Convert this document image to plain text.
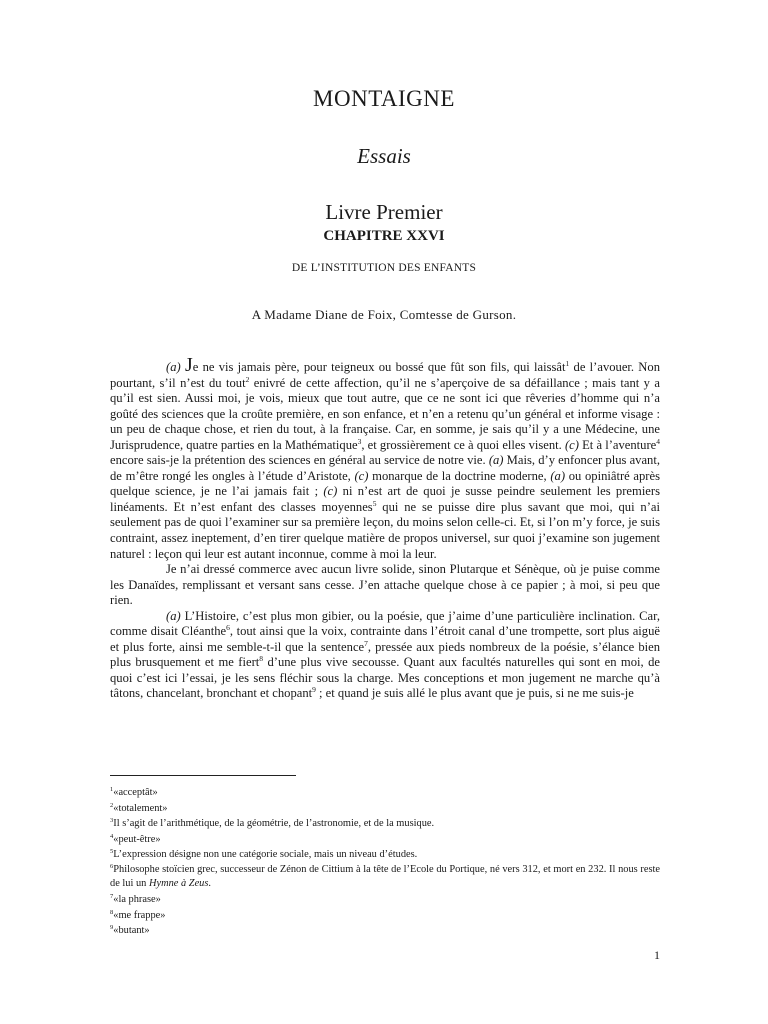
MONTAIGNE
Essais
Livre Premier
CHAPITRE XXVI
DE L’INSTITUTION DES ENFANTS
A Madame Diane de Foix, Comtesse de Gurson.

(a) Je ne vis jamais père, pour teigneux ou bossé que fût son fils, qui laissât$^1$ de l’avouer. Non pourtant, s’il n’est du tout$^2$ enivré de cette affection, qu’il ne s’aperçoive de sa défaillance ; mais tant y a qu’il est sien. Aussi moi, je vois, mieux que tout autre, que ce ne sont ici que rêveries d’homme qui n’a goûté des sciences que la croûte première, en son enfance, et n’en a retenu qu’un général et informe visage : un peu de chaque chose, et rien du tout, à la française. Car, en somme, je sais qu’il y a une Médecine, une Jurisprudence, quatre parties en la Mathématique$^3$, et grossièrement ce à quoi elles visent. (c) Et à l’aventure$^4$ encore sais-je la prétention des sciences en général au service de notre vie. (a) Mais, d’y enfoncer plus avant, de m’être rongé les ongles à l’étude d’Aristote, (c) monarque de la doctrine moderne, (a) ou opiniâtré après quelque science, je ne l’ai jamais fait ; (c) ni n’est art de quoi je susse peindre seulement les premiers linéaments. Et n’est enfant des classes moyennes$^5$ qui ne se puisse dire plus savant que moi, qui n’ai seulement pas de quoi l’examiner sur sa première leçon, du moins selon celle-ci. Et, si l’on m’y force, je suis contraint, assez ineptement, d’en tirer quelque matière de propos universel, sur quoi j’examine son jugement naturel : leçon qui leur est autant inconnue, comme à moi la leur.

Je n’ai dressé commerce avec aucun livre solide, sinon Plutarque et Sénèque, où je puise comme les Danaïdes, remplissant et versant sans cesse. J’en attache quelque chose à ce papier ; à moi, si peu que rien.

(a) L’Histoire, c’est plus mon gibier, ou la poésie, que j’aime d’une particulière inclination. Car, comme disait Cléanthe$^6$, tout ainsi que la voix, contrainte dans l’étroit canal d’une trompette, sort plus aiguë et plus forte, ainsi me semble-t-il que la sentence$^7$, pressée aux pieds nombreux de la poésie, s’élance bien plus brusquement et me fiert$^8$ d’une plus vive secousse. Quant aux facultés naturelles qui sont en moi, de quoi c’est ici l’essai, je les sens fléchir sous la charge. Mes conceptions et mon jugement ne marche qu’à tâtons, chancelant, bronchant et chopant$^9$ ; et quand je suis allé le plus avant que je puis, si ne me suis-je

$^1$«acceptât»

$^2$«totalement»

$^3$Il s’agit de l’arithmétique, de la géométrie, de l’astronomie, et de la musique.

$^4$«peut-être»

$^5$L’expression désigne non une catégorie sociale, mais un niveau d’études.

$^6$Philosophe stoïcien grec, successeur de Zénon de Cittium à la tête de l’Ecole du Portique, né vers 312, et mort en 232. Il nous reste de lui un Hymne à Zeus.

$^7$«la phrase»

$^8$«me frappe»

$^9$«butant»

1
